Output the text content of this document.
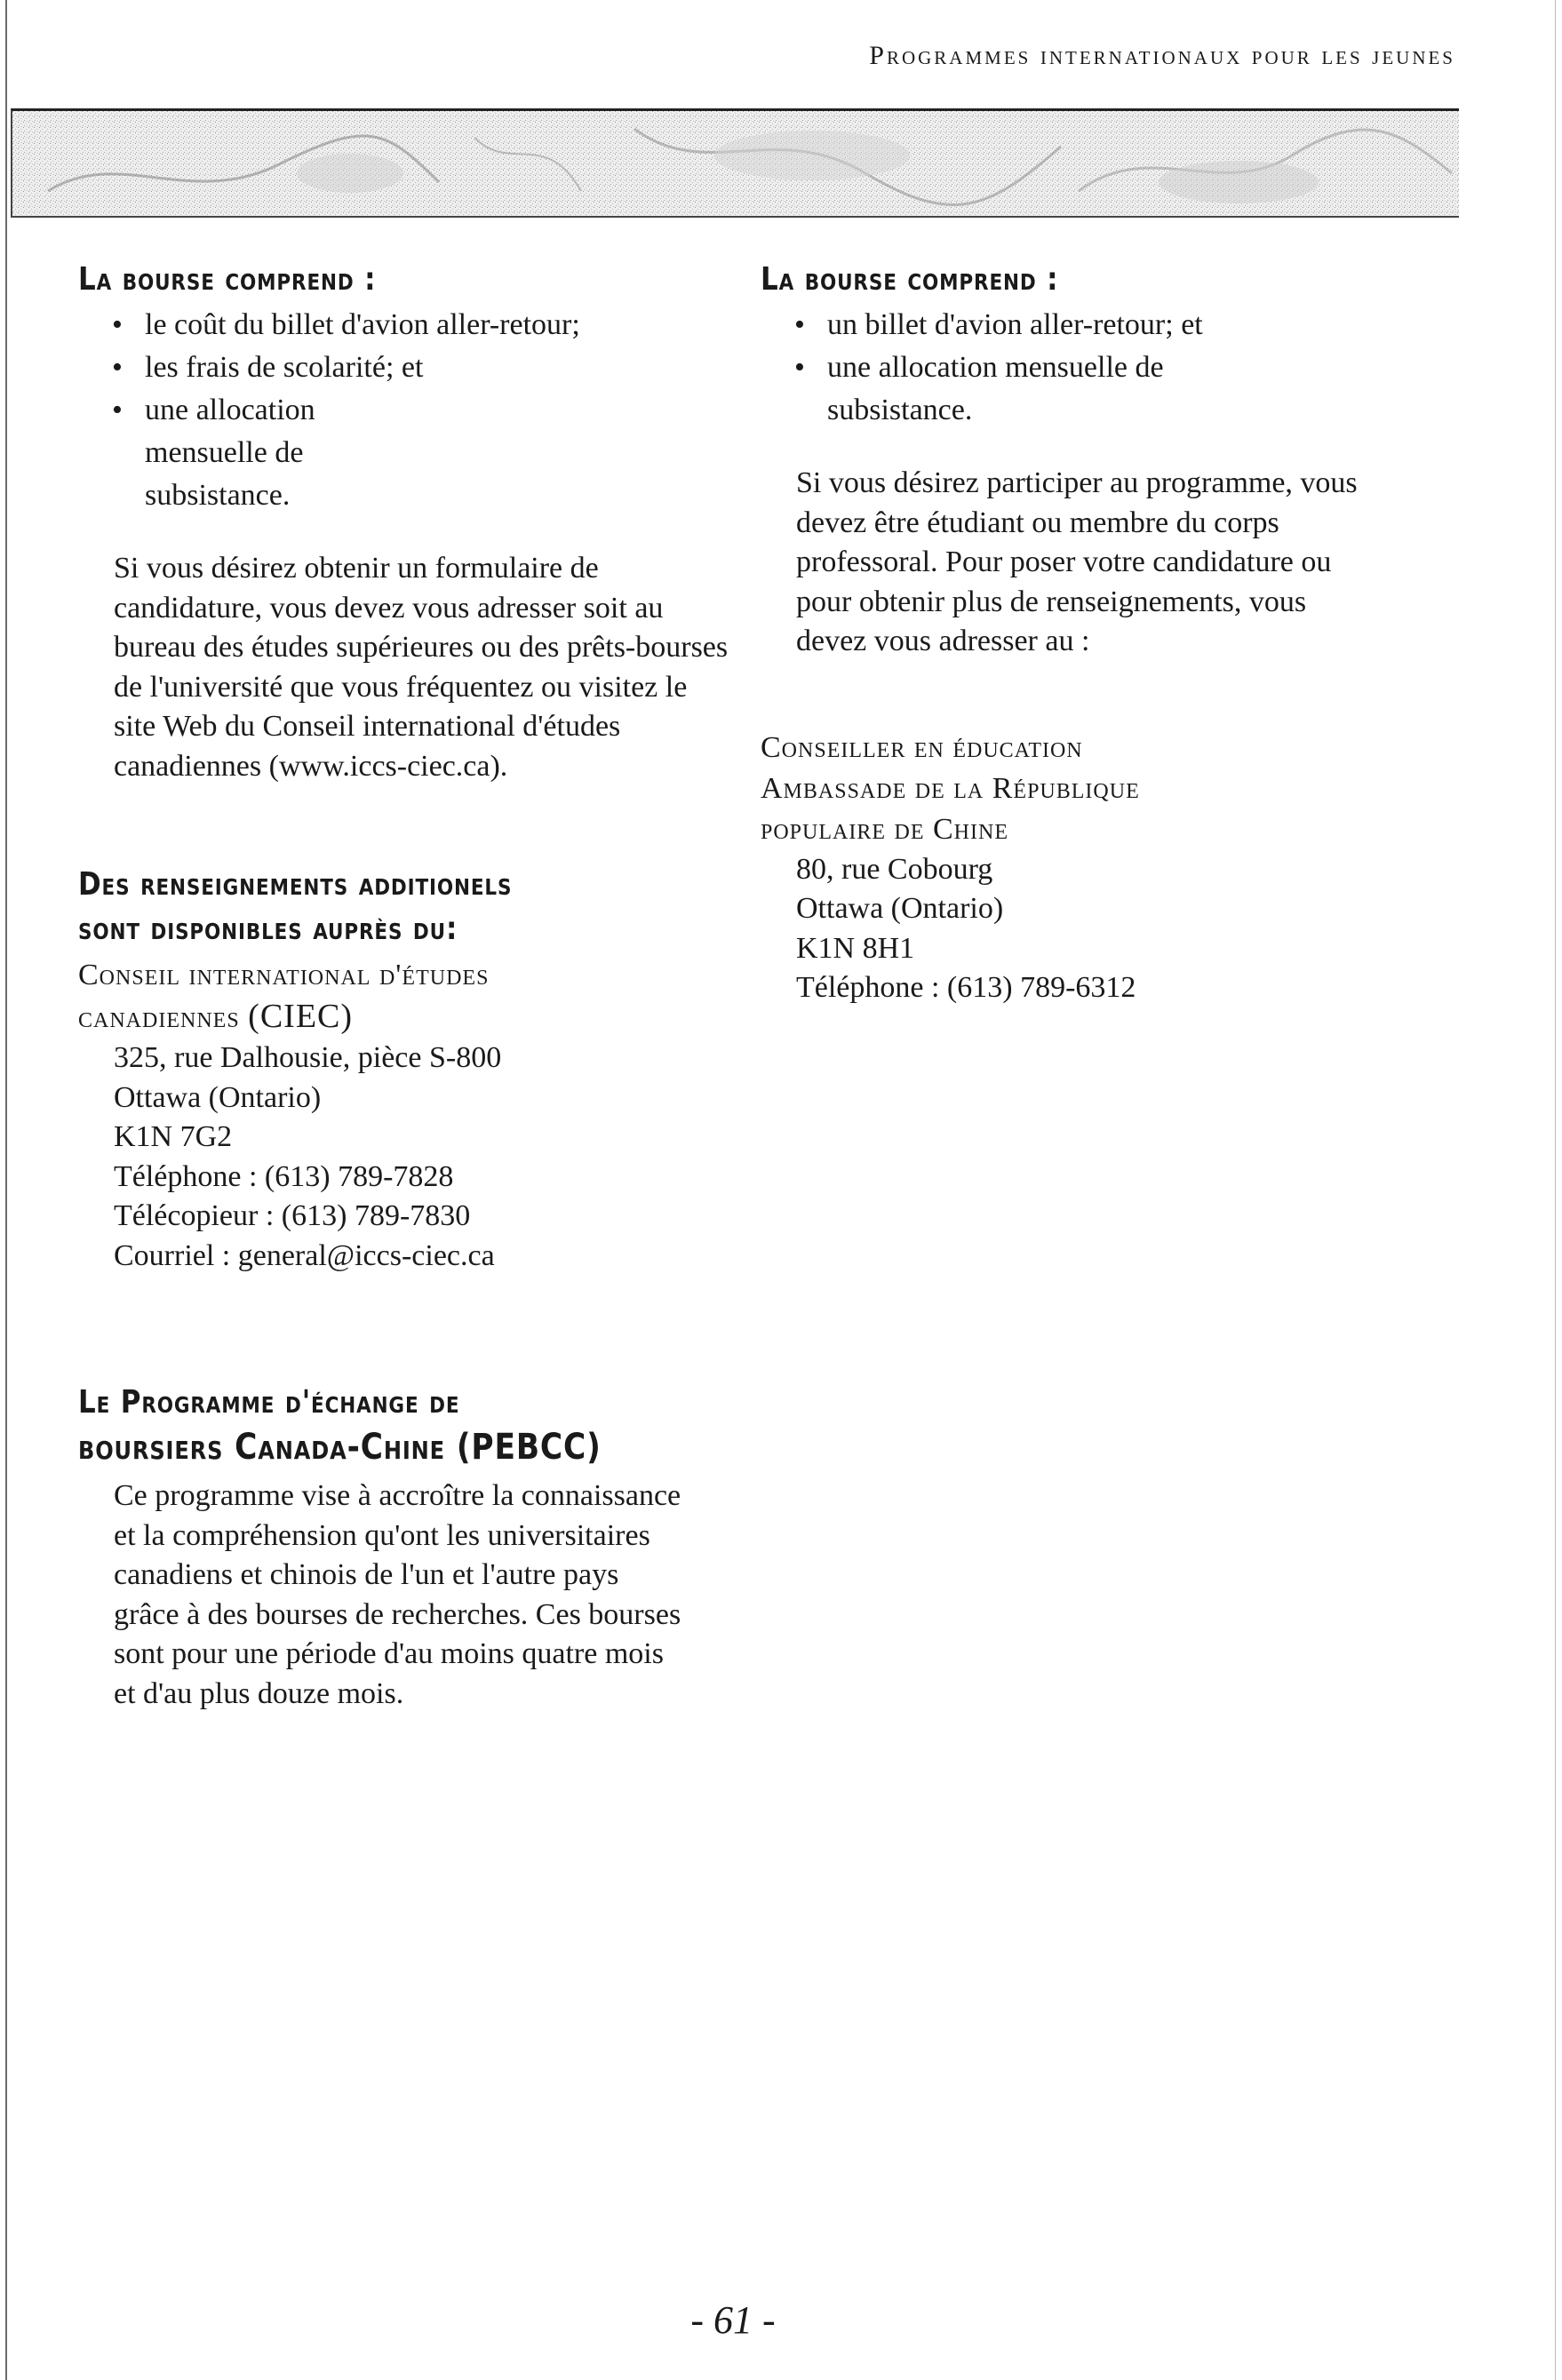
Programmes internationaux pour les jeunes
La bourse comprend :
• le coût du billet d'avion aller-retour;
• les frais de scolarité; et
• une allocation mensuelle de subsistance.

Si vous désirez obtenir un formulaire de candidature, vous devez vous adresser soit au bureau des études supérieures ou des prêts-bourses de l'université que vous fréquentez ou visitez le site Web du Conseil international d'études canadiennes (www.iccs-ciec.ca).

Des renseignements additionels
sont disponibles auprès du:
Conseil international d'études
canadiennes (CIEC)
325, rue Dalhousie, pièce S-800
Ottawa (Ontario)
K1N 7G2
Téléphone : (613) 789-7828
Télécopieur : (613) 789-7830
Courriel : general@iccs-ciec.ca
Le Programme d'échange de
boursiers Canada-Chine (PEBCC)

Ce programme vise à accroître la connaissance et la compréhension qu'ont les universitaires canadiens et chinois de l'un et l'autre pays grâce à des bourses de recherches. Ces bourses sont pour une période d'au moins quatre mois et d'au plus douze mois.

La bourse comprend :
• un billet d'avion aller-retour; et
• une allocation mensuelle de subsistance.

Si vous désirez participer au programme, vous devez être étudiant ou membre du corps professoral. Pour poser votre candidature ou pour obtenir plus de renseignements, vous devez vous adresser au :

Conseiller en éducation
Ambassade de la République
populaire de Chine
80, rue Cobourg
Ottawa (Ontario)
K1N 8H1
Téléphone : (613) 789-6312
- 61 -
